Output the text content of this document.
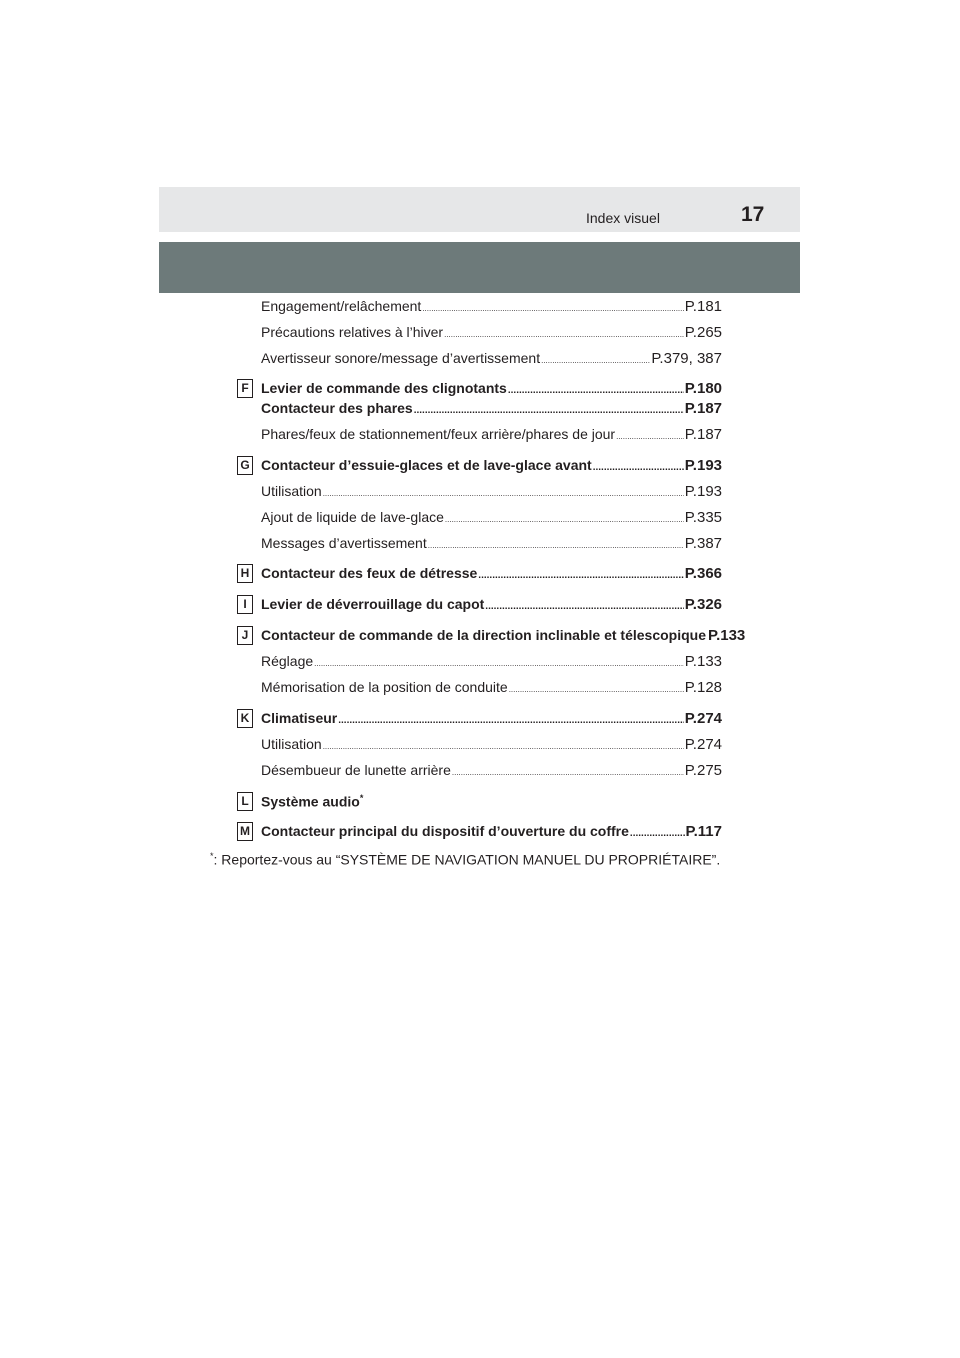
Index visuel	17
Engagement/relâchement .....	P.181
Précautions relatives à l’hiver .....	P.265
Avertisseur sonore/message d’avertissement .....	P.379, 387
F Levier de commande des clignotants .....	P.180
Contacteur des phares .....	P.187
Phares/feux de stationnement/feux arrière/phares de jour .....	P.187
G Contacteur d’essuie-glaces et de lave-glace avant .....	P.193
Utilisation .....	P.193
Ajout de liquide de lave-glace .....	P.335
Messages d’avertissement .....	P.387
H Contacteur des feux de détresse .....	P.366
I	Levier de déverrouillage du capot .....	P.326
J Contacteur de commande de la direction inclinable et télescopique P.133
Réglage .....	P.133
Mémorisation de la position de conduite .....	P.128
K Climatiseur .....	P.274
Utilisation .....	P.274
Désembueur de lunette arrière .....	P.275
L Système audio*
M Contacteur principal du dispositif d’ouverture du coffre .....	P.117
*: Reportez-vous au “SYSTÈME DE NAVIGATION MANUEL DU PROPRIÉTAIRE”.
